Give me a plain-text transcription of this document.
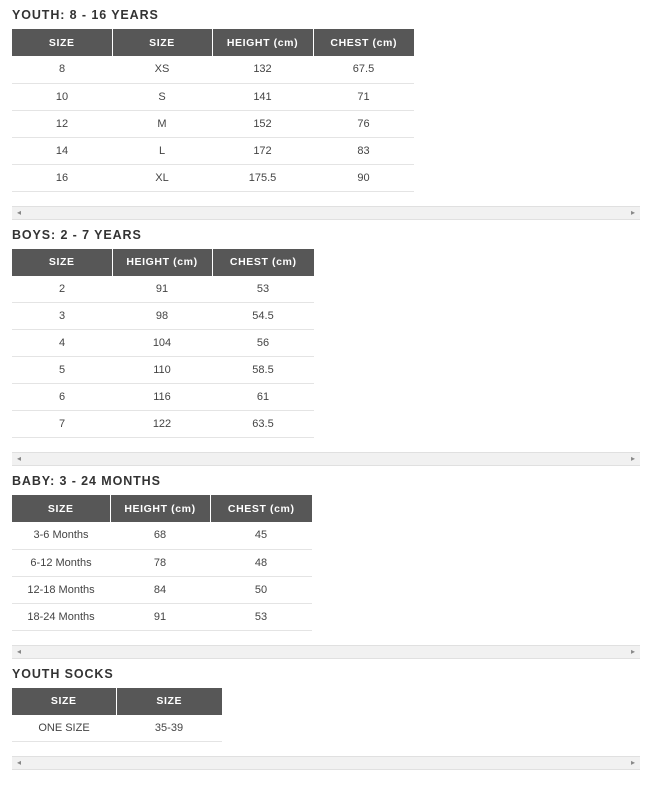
YOUTH: 8 - 16 YEARS
SIZE	SIZE	HEIGHT (cm)	CHEST (cm)
8	XS	132	67.5
10	S	141	71
12	M	152	76
14	L	172	83
16	XL	175.5	90
◂	▸
BOYS: 2 - 7 YEARS
SIZE	HEIGHT (cm)	CHEST (cm)
2	91	53
3	98	54.5
4	104	56
5	110	58.5
6	116	61
7	122	63.5
◂	▸
BABY: 3 - 24 MONTHS
SIZE	HEIGHT (cm)	CHEST (cm)
3-6 Months	68	45
6-12 Months	78	48
12-18 Months	84	50
18-24 Months	91	53
◂	▸
YOUTH SOCKS
SIZE	SIZE
ONE SIZE	35-39
◂	▸
